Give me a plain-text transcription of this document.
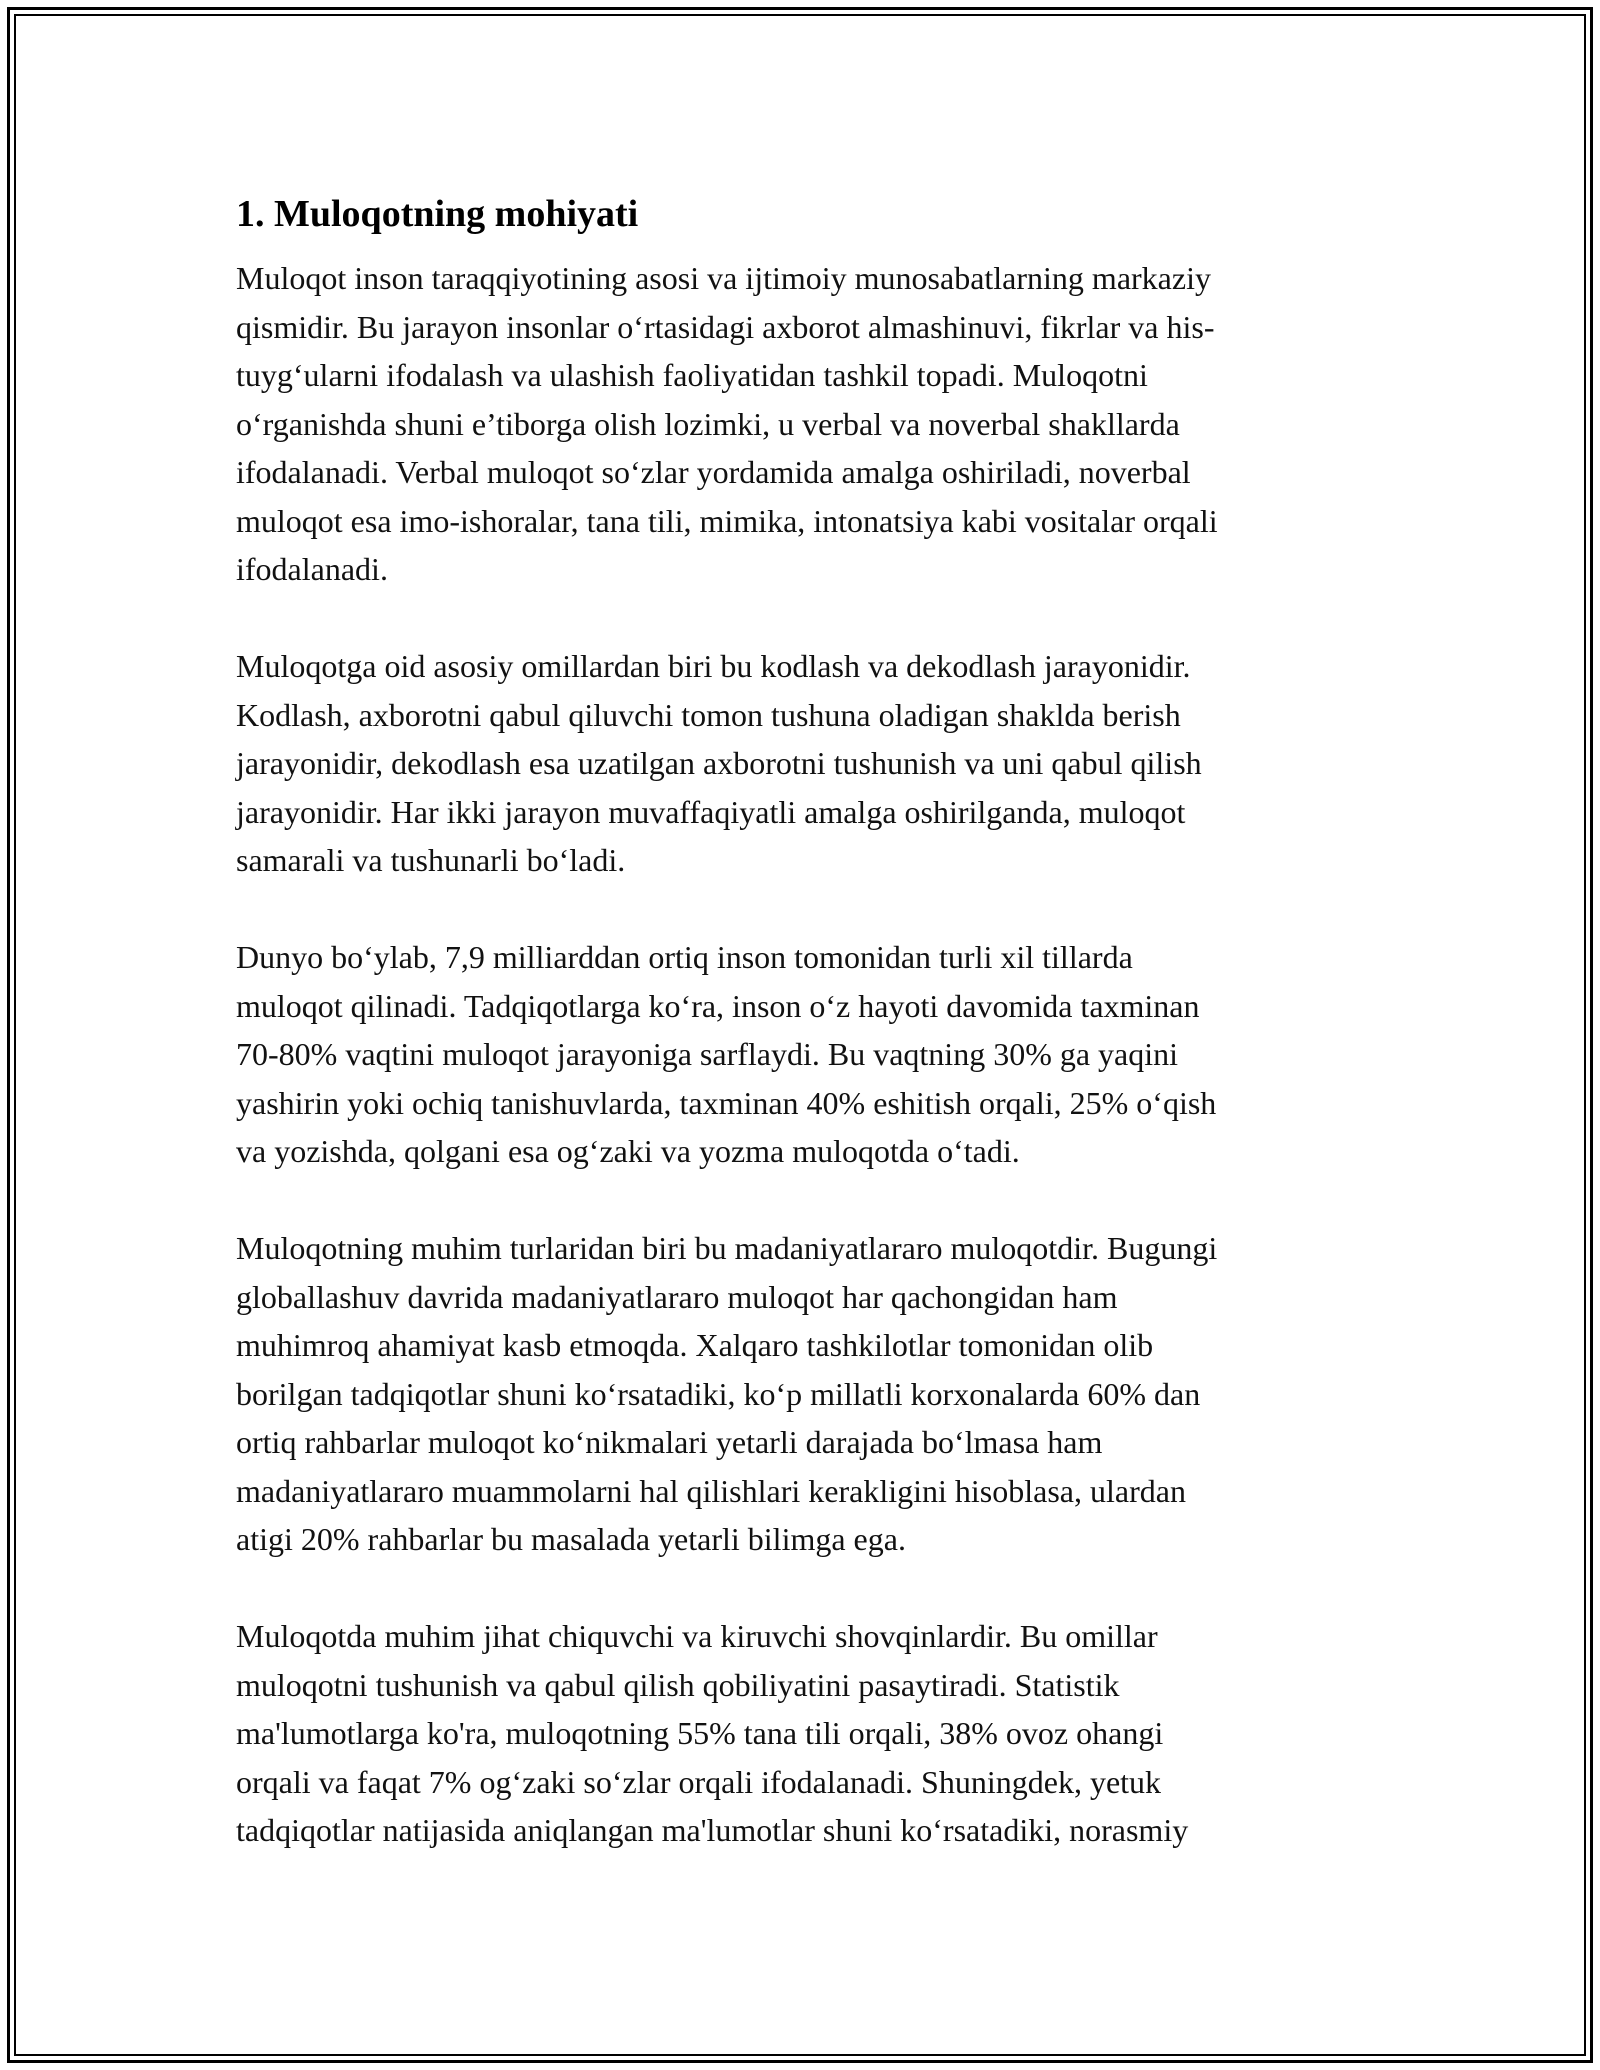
1. Muloqotning mohiyati

Muloqot inson taraqqiyotining asosi va ijtimoiy munosabatlarning markaziy
qismidir. Bu jarayon insonlar o‘rtasidagi axborot almashinuvi, fikrlar va his-
tuyg‘ularni ifodalash va ulashish faoliyatidan tashkil topadi. Muloqotni
o‘rganishda shuni e’tiborga olish lozimki, u verbal va noverbal shakllarda
ifodalanadi. Verbal muloqot so‘zlar yordamida amalga oshiriladi, noverbal
muloqot esa imo-ishoralar, tana tili, mimika, intonatsiya kabi vositalar orqali
ifodalanadi.

Muloqotga oid asosiy omillardan biri bu kodlash va dekodlash jarayonidir.
Kodlash, axborotni qabul qiluvchi tomon tushuna oladigan shaklda berish
jarayonidir, dekodlash esa uzatilgan axborotni tushunish va uni qabul qilish
jarayonidir. Har ikki jarayon muvaffaqiyatli amalga oshirilganda, muloqot
samarali va tushunarli bo‘ladi.

Dunyo bo‘ylab, 7,9 milliarddan ortiq inson tomonidan turli xil tillarda
muloqot qilinadi. Tadqiqotlarga ko‘ra, inson o‘z hayoti davomida taxminan
70-80% vaqtini muloqot jarayoniga sarflaydi. Bu vaqtning 30% ga yaqini
yashirin yoki ochiq tanishuvlarda, taxminan 40% eshitish orqali, 25% o‘qish
va yozishda, qolgani esa og‘zaki va yozma muloqotda o‘tadi.

Muloqotning muhim turlaridan biri bu madaniyatlararo muloqotdir. Bugungi
globallashuv davrida madaniyatlararo muloqot har qachongidan ham
muhimroq ahamiyat kasb etmoqda. Xalqaro tashkilotlar tomonidan olib
borilgan tadqiqotlar shuni ko‘rsatadiki, ko‘p millatli korxonalarda 60% dan
ortiq rahbarlar muloqot ko‘nikmalari yetarli darajada bo‘lmasa ham
madaniyatlararo muammolarni hal qilishlari kerakligini hisoblasa, ulardan
atigi 20% rahbarlar bu masalada yetarli bilimga ega.

Muloqotda muhim jihat chiquvchi va kiruvchi shovqinlardir. Bu omillar
muloqotni tushunish va qabul qilish qobiliyatini pasaytiradi. Statistik
ma'lumotlarga ko'ra, muloqotning 55% tana tili orqali, 38% ovoz ohangi
orqali va faqat 7% og‘zaki so‘zlar orqali ifodalanadi. Shuningdek, yetuk
tadqiqotlar natijasida aniqlangan ma'lumotlar shuni ko‘rsatadiki, norasmiy
